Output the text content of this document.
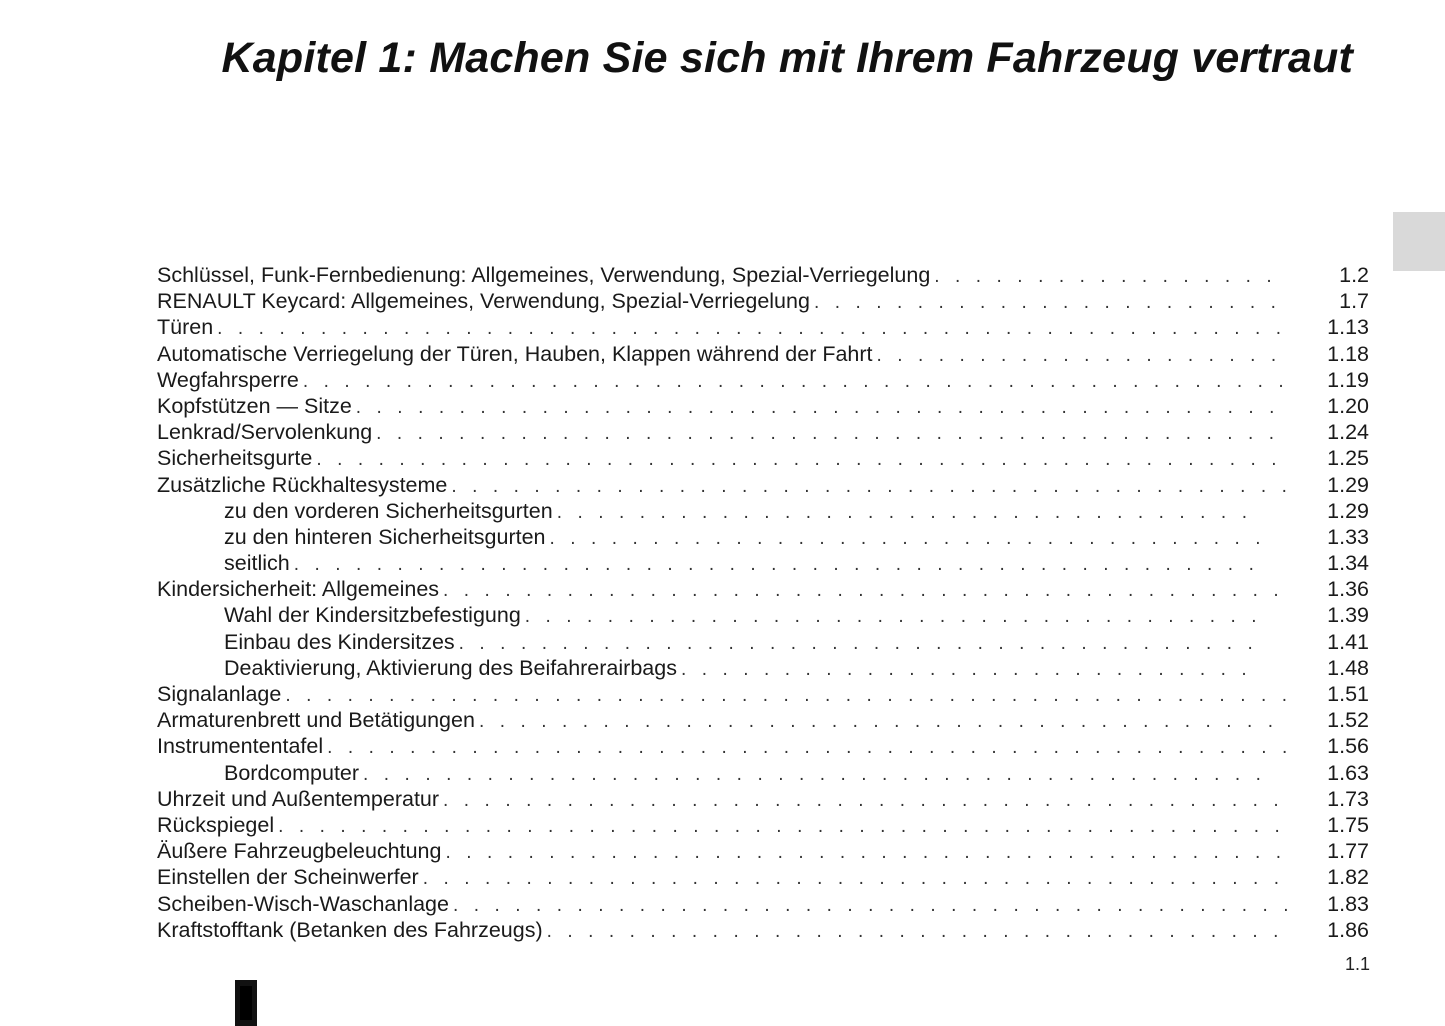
Kapitel 1: Machen Sie sich mit Ihrem Fahrzeug vertraut
Schlüssel, Funk-Fernbedienung: Allgemeines, Verwendung, Spezial-Verriegelung . . .	1.2
RENAULT Keycard: Allgemeines, Verwendung, Spezial-Verriegelung . . .	1.7
Türen . . .	1.13
Automatische Verriegelung der Türen, Hauben, Klappen während der Fahrt . . .	1.18
Wegfahrsperre . . .	1.19
Kopfstützen — Sitze . . .	1.20
Lenkrad/Servolenkung . . .	1.24
Sicherheitsgurte . . .	1.25
Zusätzliche Rückhaltesysteme . . .	1.29
zu den vorderen Sicherheitsgurten . . .	1.29
zu den hinteren Sicherheitsgurten . . .	1.33
seitlich . . .	1.34
Kindersicherheit: Allgemeines . . .	1.36
Wahl der Kindersitzbefestigung . . .	1.39
Einbau des Kindersitzes . . .	1.41
Deaktivierung, Aktivierung des Beifahrerairbags . . .	1.48
Signalanlage . . .	1.51
Armaturenbrett und Betätigungen . . .	1.52
Instrumententafel . . .	1.56
Bordcomputer . . .	1.63
Uhrzeit und Außentemperatur . . .	1.73
Rückspiegel . . .	1.75
Äußere Fahrzeugbeleuchtung . . .	1.77
Einstellen der Scheinwerfer . . .	1.82
Scheiben-Wisch-Waschanlage . . .	1.83
Kraftstofftank (Betanken des Fahrzeugs) . . .	1.86
1.1
